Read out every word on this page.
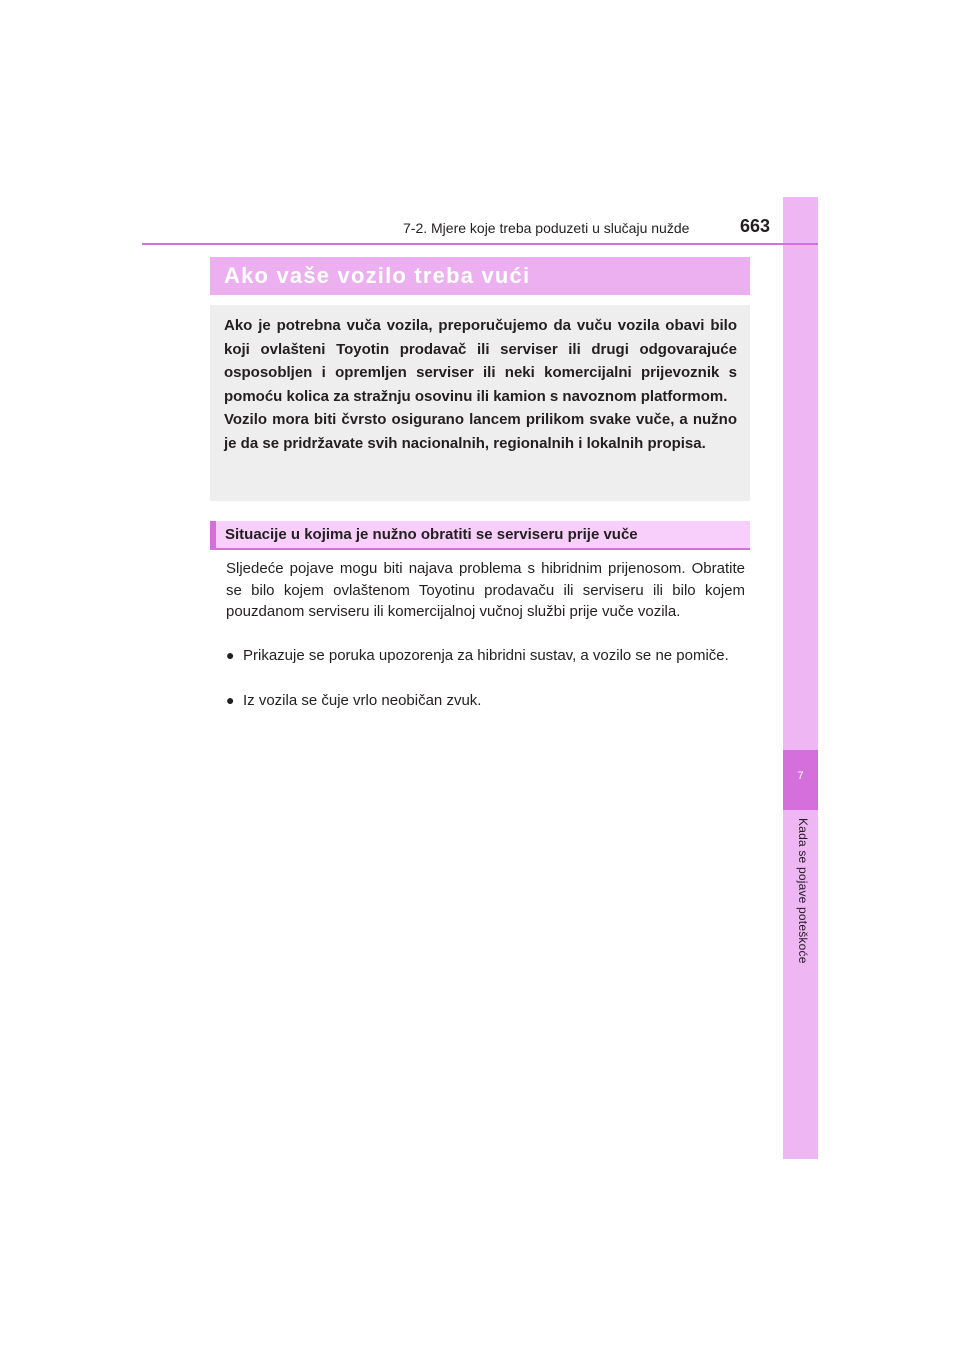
7
Kada se pojave poteškoće
7-2. Mjere koje treba poduzeti u slučaju nužde	663
Ako vaše vozilo treba vući

Ako je potrebna vuča vozila, preporučujemo da vuču vozila obavi bilo koji ovlašteni Toyotin prodavač ili serviser ili drugi odgovarajuće osposobljen i opremljen serviser ili neki komercijalni prijevoznik s pomoću kolica za stražnju osovinu ili kamion s navoznom platformom.

Vozilo mora biti čvrsto osigurano lancem prilikom svake vuče, a nužno je da se pridržavate svih nacionalnih, regionalnih i lokalnih propisa.

Situacije u kojima je nužno obratiti se serviseru prije vuče
Sljedeće pojave mogu biti najava problema s hibridnim prijenosom. Obratite se bilo kojem ovlaštenom Toyotinu prodavaču ili serviseru ili bilo kojem pouzdanom serviseru ili komercijalnoj vučnoj službi prije vuče vozila.
● Prikazuje se poruka upozorenja za hibridni sustav, a vozilo se ne pomiče.
● Iz vozila se čuje vrlo neobičan zvuk.
